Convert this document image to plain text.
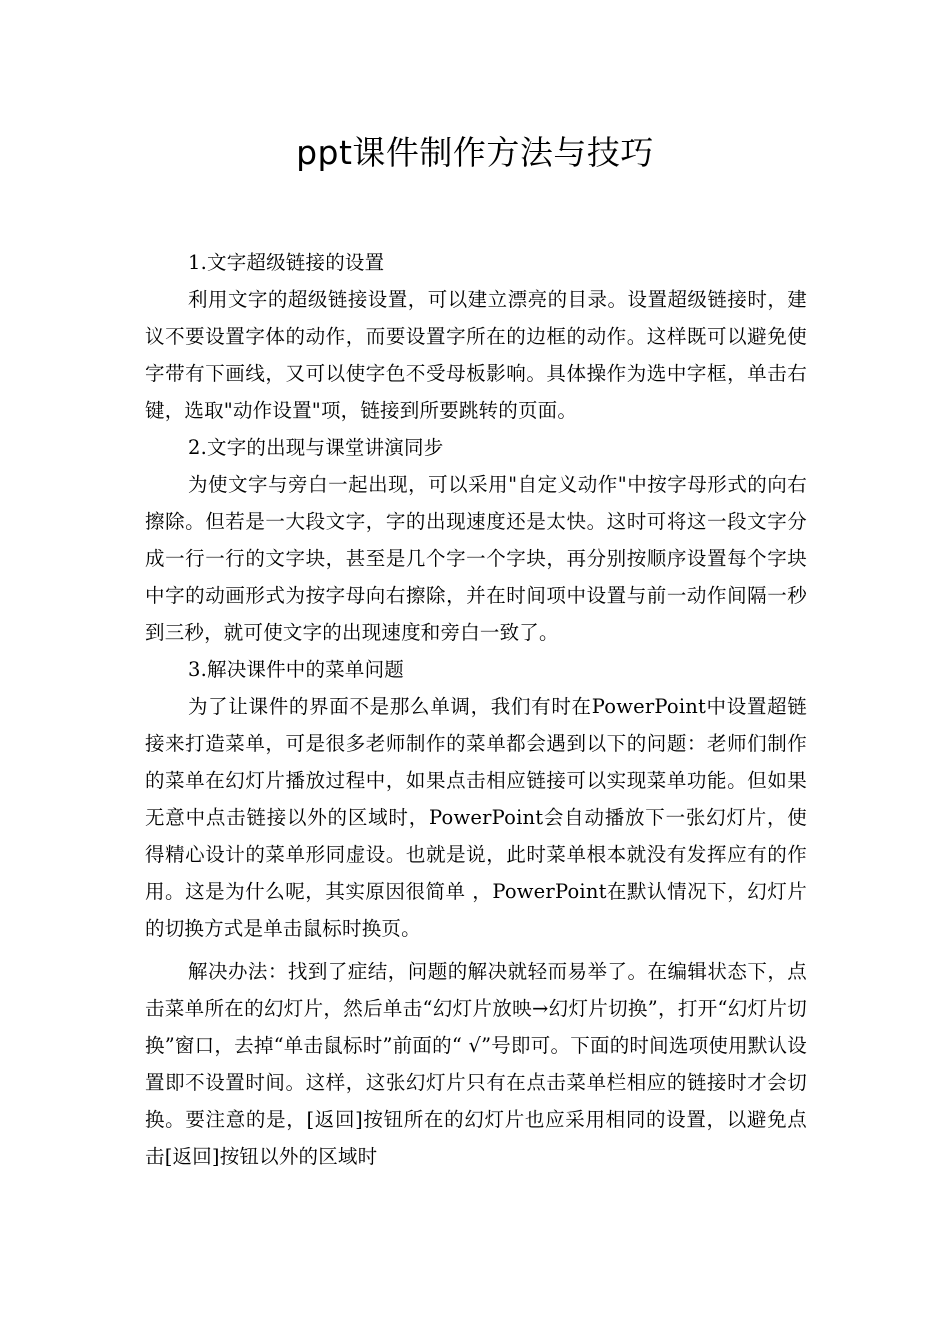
ppt课件制作方法与技巧

1.文字超级链接的设置

利用文字的超级链接设置，可以建立漂亮的目录。设置超级链接时，建议不要设置字体的动作，而要设置字所在的边框的动作。这样既可以避免使字带有下画线，又可以使字色不受母板影响。具体操作为选中字框，单击右键，选取"动作设置"项，链接到所要跳转的页面。

2.文字的出现与课堂讲演同步

为使文字与旁白一起出现，可以采用"自定义动作"中按字母形式的向右擦除。但若是一大段文字，字的出现速度还是太快。这时可将这一段文字分成一行一行的文字块，甚至是几个字一个字块，再分别按顺序设置每个字块中字的动画形式为按字母向右擦除，并在时间项中设置与前一动作间隔一秒到三秒，就可使文字的出现速度和旁白一致了。

3.解决课件中的菜单问题

为了让课件的界面不是那么单调，我们有时在PowerPoint中设置超链接来打造菜单，可是很多老师制作的菜单都会遇到以下的问题：老师们制作的菜单在幻灯片播放过程中，如果点击相应链接可以实现菜单功能。但如果无意中点击链接以外的区域时，PowerPoint会自动播放下一张幻灯片，使得精心设计的菜单形同虚设。也就是说，此时菜单根本就没有发挥应有的作用。这是为什么呢，其实原因很简单 ，PowerPoint在默认情况下，幻灯片的切换方式是单击鼠标时换页。

解决办法：找到了症结，问题的解决就轻而易举了。在编辑状态下，点击菜单所在的幻灯片，然后单击“幻灯片放映→幻灯片切换”，打开“幻灯片切换”窗口，去掉“单击鼠标时”前面的“ √”号即可。下面的时间选项使用默认设置即不设置时间。这样，这张幻灯片只有在点击菜单栏相应的链接时才会切换。要注意的是，[返回]按钮所在的幻灯片也应采用相同的设置，以避免点击[返回]按钮以外的区域时
